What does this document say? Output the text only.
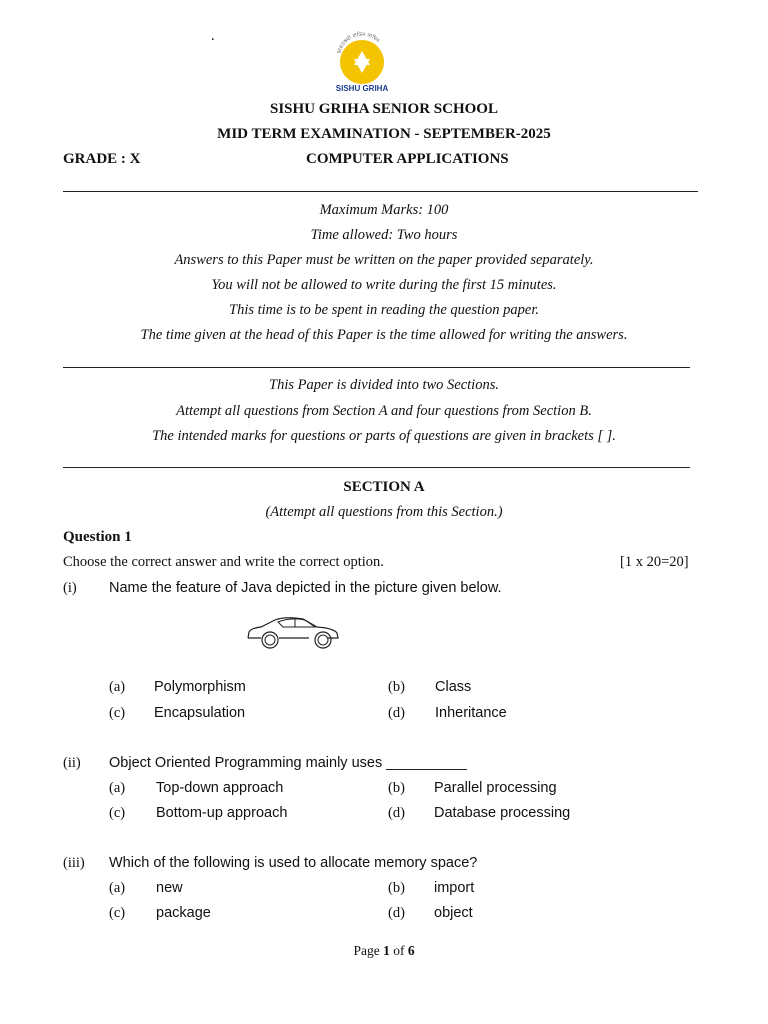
.
ভারতকর্মা বাতিন সাথিন
SISHU GRIHA
SISHU GRIHA SENIOR SCHOOL
MID TERM EXAMINATION - SEPTEMBER-2025
GRADE : X	COMPUTER APPLICATIONS
Maximum Marks: 100
Time allowed: Two hours
Answers to this Paper must be written on the paper provided separately.
You will not be allowed to write during the first 15 minutes.
This time is to be spent in reading the question paper.
The time given at the head of this Paper is the time allowed for writing the answers.
This Paper is divided into two Sections.
Attempt all questions from Section A and four questions from Section B.
The intended marks for questions or parts of questions are given in brackets [ ].
SECTION A
(Attempt all questions from this Section.)
Question 1
Choose the correct answer and write the correct option.	[1 x 20=20]
(i) Name the feature of Java depicted in the picture given below.
(a) Polymorphism	(b) Class
(c) Encapsulation	(d) Inheritance
(ii) Object Oriented Programming mainly uses __________
(a) Top-down approach	(b) Parallel processing
(c) Bottom-up approach	(d) Database processing
(iii) Which of the following is used to allocate memory space?
(a) new	(b) import
(c) package	(d) object
Page 1 of 6
